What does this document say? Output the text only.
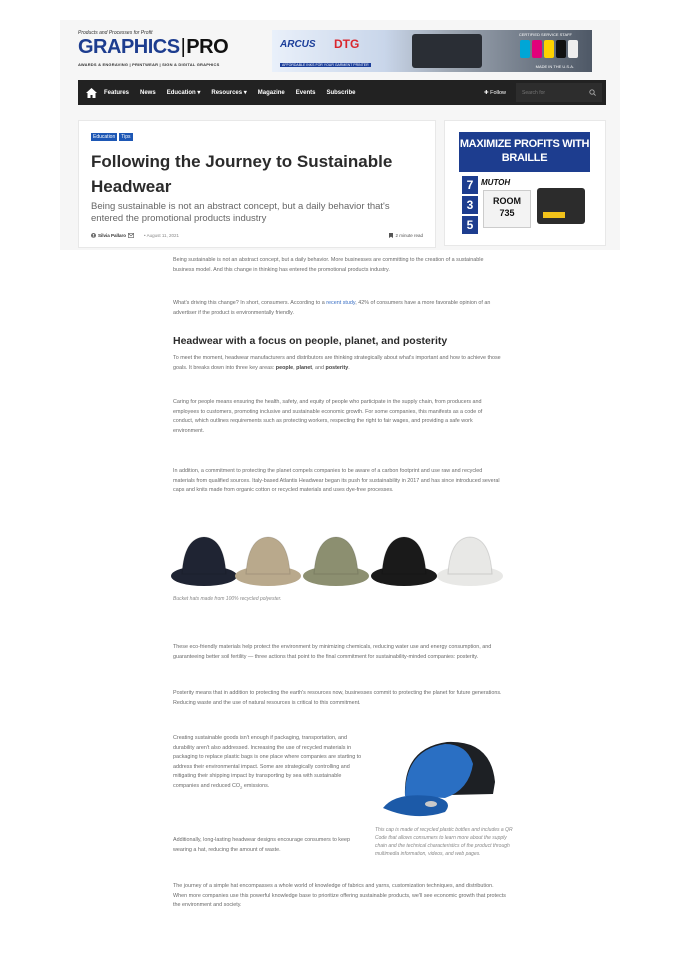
Products and Processes for Profit
GRAPHICS|PRO
AWARDS & ENGRAVING | PRINTWEAR | SIGN & DIGITAL GRAPHICS
ARCUS DTG
AFFORDABLE INKS FOR YOUR GARMENT PRINTER
CERTIFIED SERVICE STAFF
MADE IN THE U.S.A.
Features News Education ▾ Resources ▾ Magazine Events Subscribe	✚ Follow
Search for
Education	Tips
Following the Journey to Sustainable Headwear
Being sustainable is not an abstract concept, but a daily behavior that's entered the promotional products industry
Silvia Pallaro	• August 11, 2021	2 minute read
MAXIMIZE PROFITS WITH BRAILLE
7
3
5
MUTOH
ROOM
735

Being sustainable is not an abstract concept, but a daily behavior. More businesses are committing to the creation of a sustainable business model. And this change in thinking has entered the promotional products industry.

What's driving this change? In short, consumers. According to a recent study, 42% of consumers have a more favorable opinion of an advertiser if the product is environmentally friendly.

Headwear with a focus on people, planet, and posterity

To meet the moment, headwear manufacturers and distributors are thinking strategically about what's important and how to achieve those goals. It breaks down into three key areas: people, planet, and posterity.

Caring for people means ensuring the health, safety, and equity of people who participate in the supply chain, from producers and employees to customers, promoting inclusive and sustainable economic growth. For some companies, this manifests as a code of conduct, which outlines requirements such as protecting workers, respecting the right to fair wages, and providing a safe work environment.

In addition, a commitment to protecting the planet compels companies to be aware of a carbon footprint and use raw and recycled materials from qualified sources. Italy-based Atlantis Headwear began its push for sustainability in 2017 and has since introduced several caps and knits made from organic cotton or recycled materials and uses dye-free processes.

Bucket hats made from 100% recycled polyester.

These eco-friendly materials help protect the environment by minimizing chemicals, reducing water use and energy consumption, and guaranteeing better soil fertility — three actions that point to the final commitment for sustainability-minded companies: posterity.

Posterity means that in addition to protecting the earth's resources now, businesses commit to protecting the planet for future generations. Reducing waste and the use of natural resources is critical to this commitment.

Creating sustainable goods isn't enough if packaging, transportation, and durability aren't also addressed. Increasing the use of recycled materials in packaging to replace plastic bags is one place where companies are starting to address their environmental impact. Some are strategically controlling and mitigating their shipping impact by transporting by sea with sustainable companies and reduced $CO_2$ emissions.

Additionally, long-lasting headwear designs encourage consumers to keep wearing a hat, reducing the amount of waste.

This cap is made of recycled plastic bottles and includes a QR Code that allows consumers to learn more about the supply chain and the technical characteristics of the product through multimedia information, videos, and web pages.

The journey of a simple hat encompasses a whole world of knowledge of fabrics and yarns, customization techniques, and distribution. When more companies use this powerful knowledge base to prioritize offering sustainable products, we'll see economic growth that protects the environment and society.
